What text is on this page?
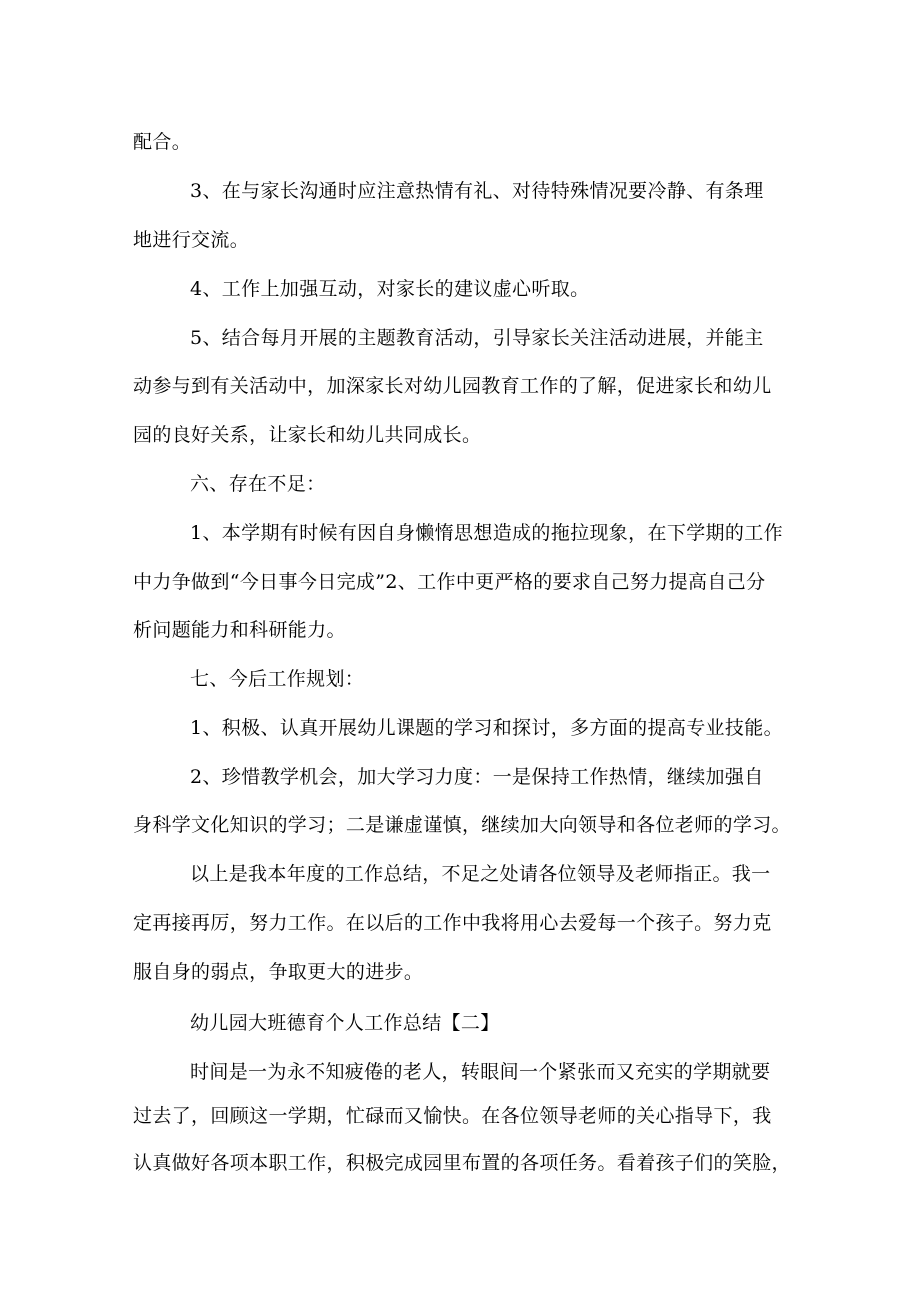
配合。
3、在与家长沟通时应注意热情有礼、对待特殊情况要冷静、有条理
地进行交流。
4、工作上加强互动，对家长的建议虚心听取。
5、结合每月开展的主题教育活动，引导家长关注活动进展，并能主
动参与到有关活动中，加深家长对幼儿园教育工作的了解，促进家长和幼儿
园的良好关系，让家长和幼儿共同成长。
六、存在不足：
1、本学期有时候有因自身懒惰思想造成的拖拉现象，在下学期的工作
中力争做到“今日事今日完成”2、工作中更严格的要求自己努力提高自己分
析问题能力和科研能力。
七、今后工作规划：
1、积极、认真开展幼儿课题的学习和探讨，多方面的提高专业技能。
2、珍惜教学机会，加大学习力度：一是保持工作热情，继续加强自
身科学文化知识的学习；二是谦虚谨慎，继续加大向领导和各位老师的学习。
以上是我本年度的工作总结，不足之处请各位领导及老师指正。我一
定再接再厉，努力工作。在以后的工作中我将用心去爱每一个孩子。努力克
服自身的弱点，争取更大的进步。
幼儿园大班德育个人工作总结【二】
时间是一为永不知疲倦的老人，转眼间一个紧张而又充实的学期就要
过去了，回顾这一学期，忙碌而又愉快。在各位领导老师的关心指导下，我
认真做好各项本职工作，积极完成园里布置的各项任务。看着孩子们的笑脸，
